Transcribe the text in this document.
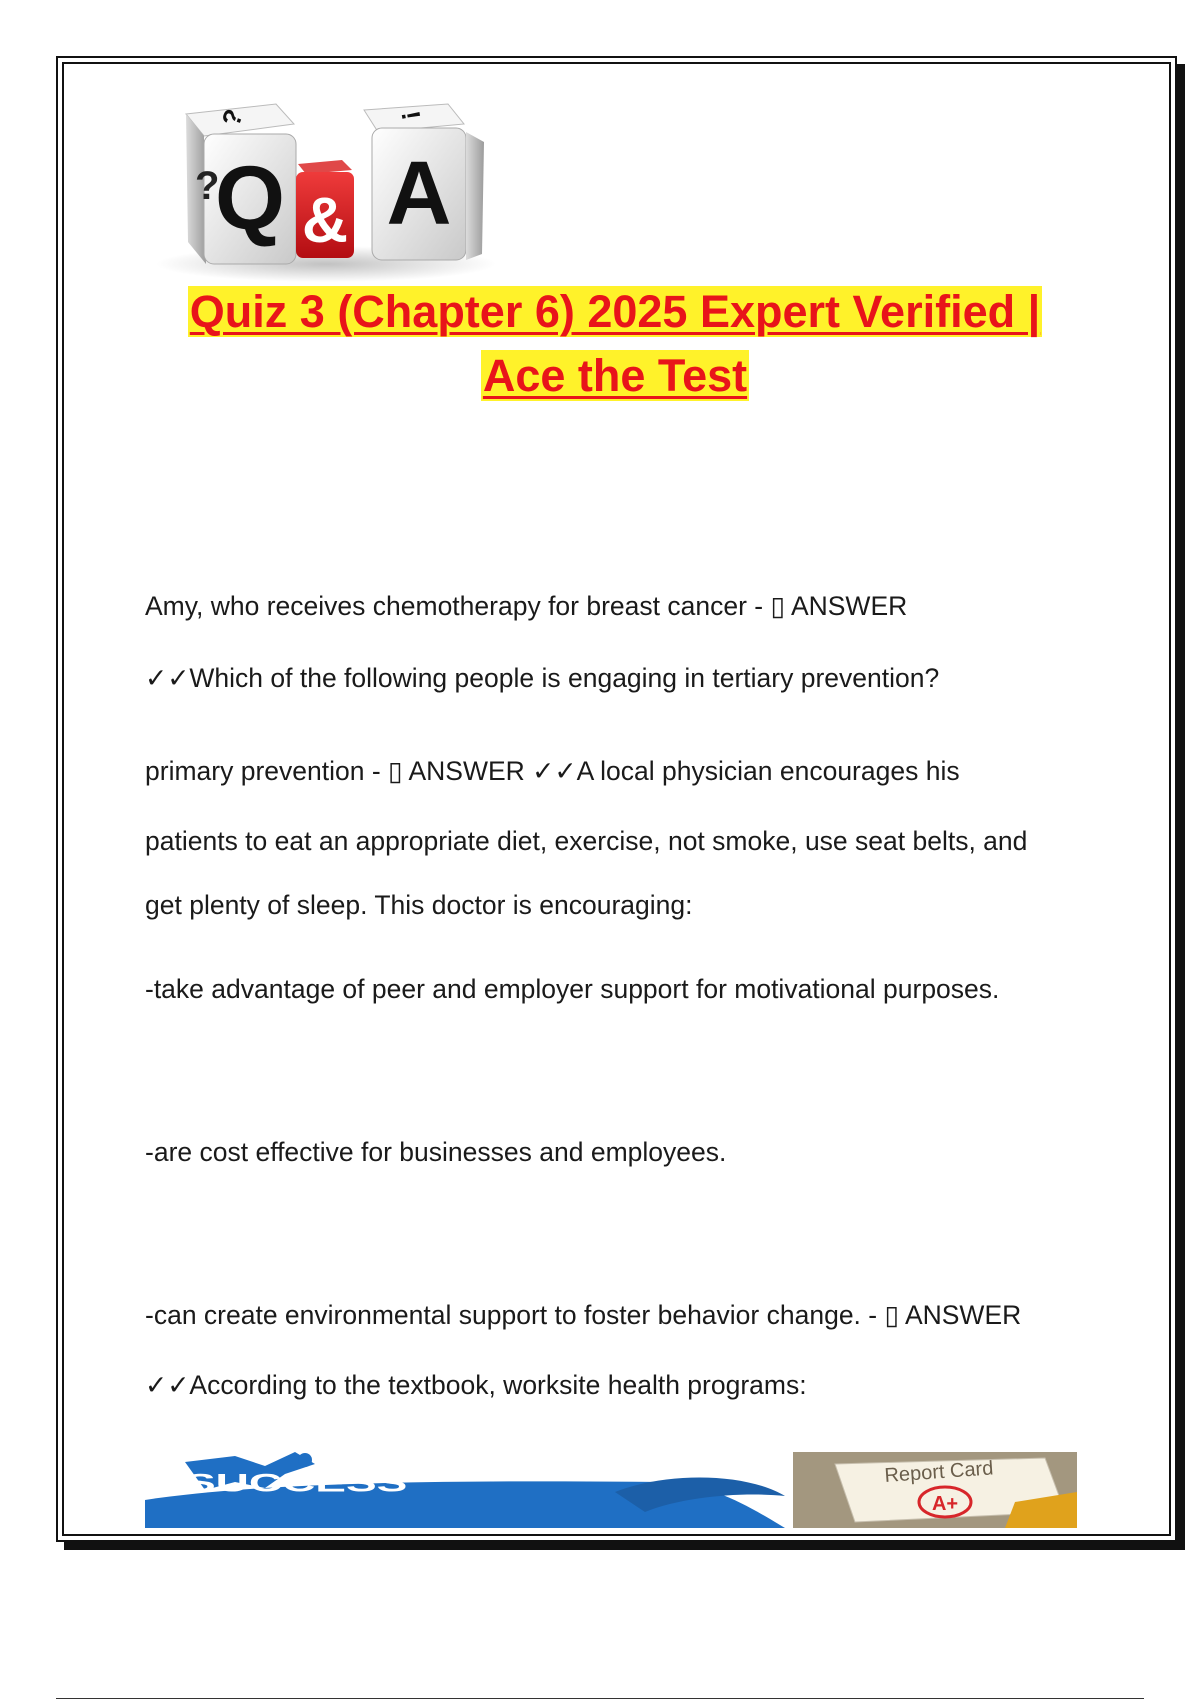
Q
?
? A
!
&
Quiz 3 (Chapter 6) 2025 Expert Verified |
Ace the Test
Amy, who receives chemotherapy for breast cancer - ▯ ANSWER
✓✓Which of the following people is engaging in tertiary prevention?
primary prevention - ▯ ANSWER ✓✓A local physician encourages his
patients to eat an appropriate diet, exercise, not smoke, use seat belts, and
get plenty of sleep. This doctor is encouraging:
-take advantage of peer and employer support for motivational purposes.
-are cost effective for businesses and employees.
-can create environmental support to foster behavior change. - ▯ ANSWER
✓✓According to the textbook, worksite health programs:
SUCCESS	Report Card
A+
